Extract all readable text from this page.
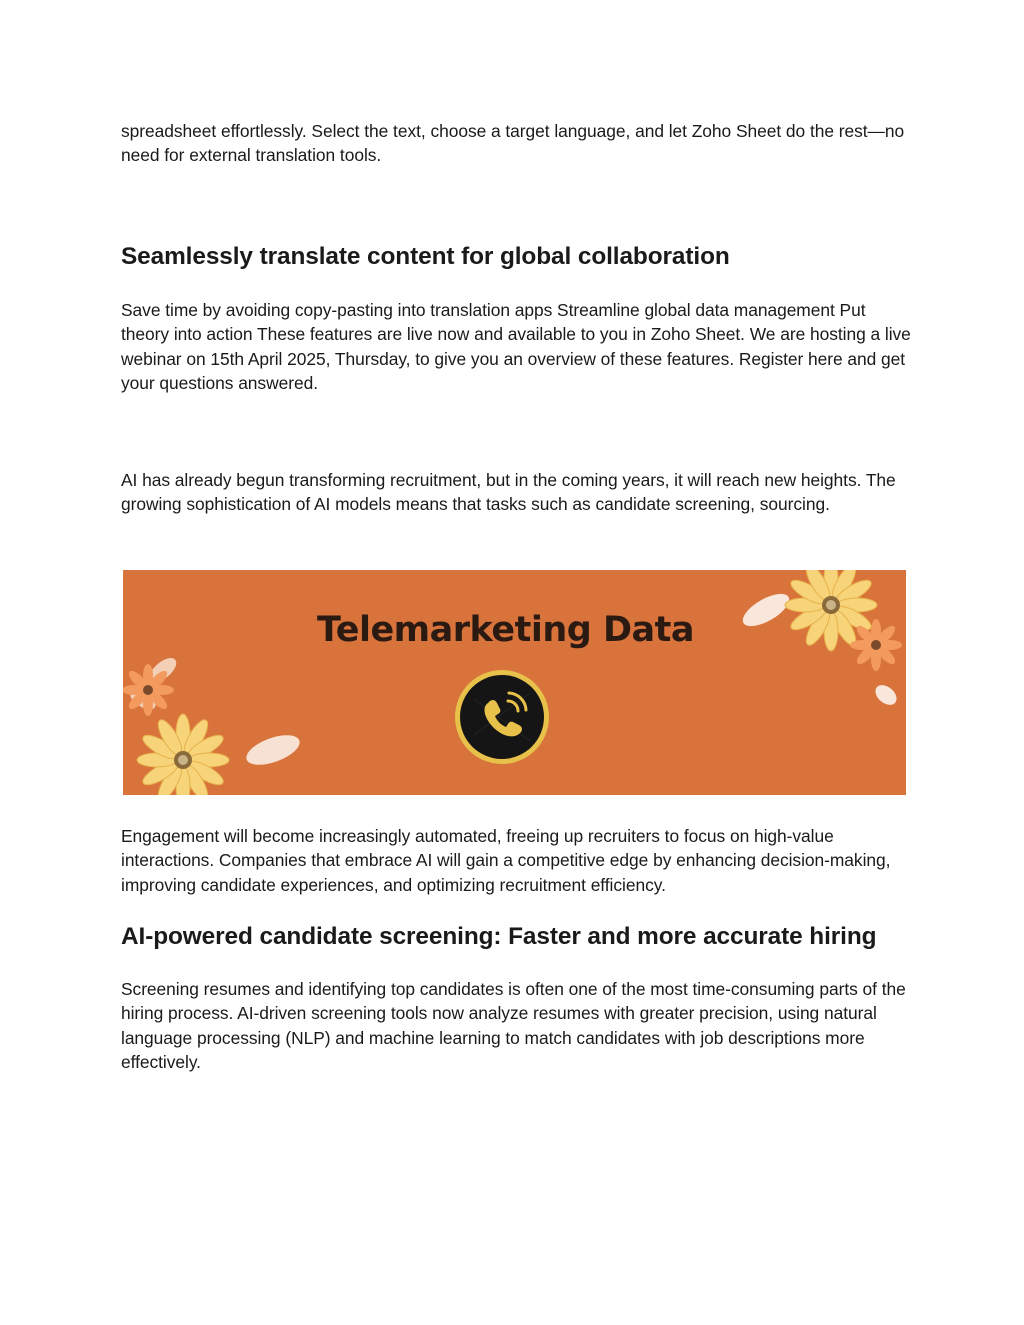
spreadsheet effortlessly. Select the text, choose a target language, and let Zoho Sheet do the rest—no need for external translation tools.

Seamlessly translate content for global collaboration

Save time by avoiding copy-pasting into translation apps Streamline global data management Put theory into action These features are live now and available to you in Zoho Sheet. We are hosting a live webinar on 15th April 2025, Thursday, to give you an overview of these features. Register here and get your questions answered.

AI has already begun transforming recruitment, but in the coming years, it will reach new heights. The growing sophistication of AI models means that tasks such as candidate screening, sourcing.

Engagement will become increasingly automated, freeing up recruiters to focus on high-value interactions. Companies that embrace AI will gain a competitive edge by enhancing decision-making, improving candidate experiences, and optimizing recruitment efficiency.

AI-powered candidate screening: Faster and more accurate hiring

Screening resumes and identifying top candidates is often one of the most time-consuming parts of the hiring process. AI-driven screening tools now analyze resumes with greater precision, using natural language processing (NLP) and machine learning to match candidates with job descriptions more effectively.

Telemarketing Data
